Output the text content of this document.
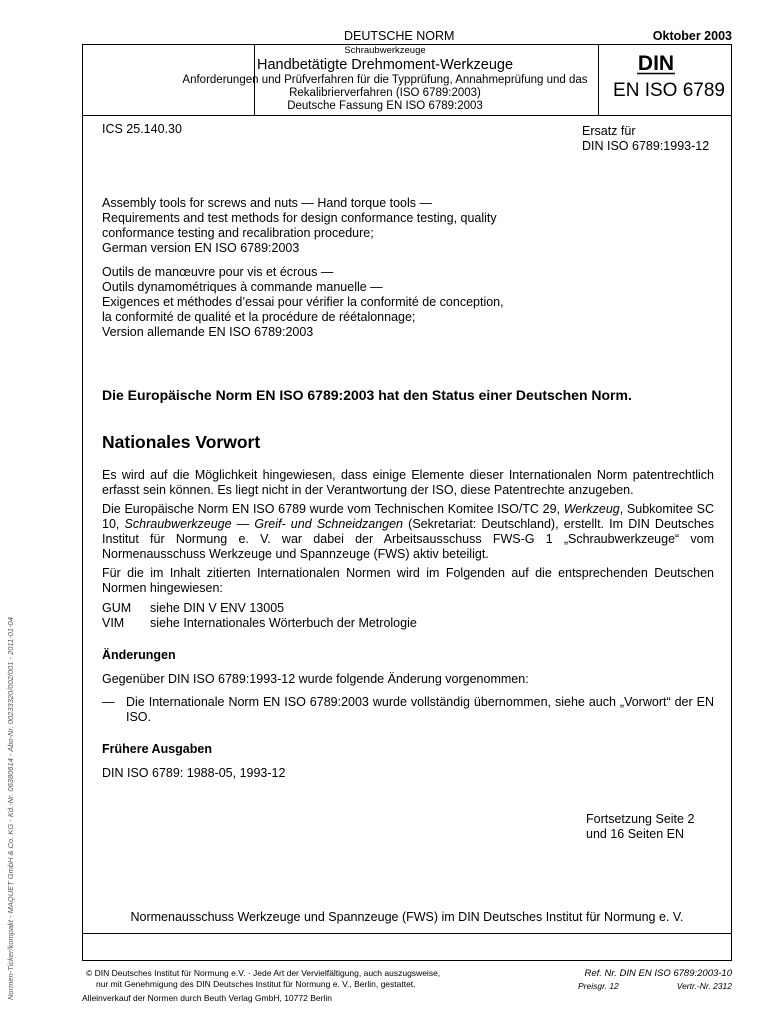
DEUTSCHE NORM	Oktober 2003
Schraubwerkzeuge
Handbetätigte Drehmoment-Werkzeuge
Anforderungen und Prüfverfahren für die Typprüfung, Annahmeprüfung und das
Rekalibrierverfahren (ISO 6789:2003)
Deutsche Fassung EN ISO 6789:2003
DIN
EN ISO 6789
ICS 25.140.30	Ersatz für
DIN ISO 6789:1993-12
Assembly tools for screws and nuts — Hand torque tools —
Requirements and test methods for design conformance testing, quality
conformance testing and recalibration procedure;
German version EN ISO 6789:2003
Outils de manœuvre pour vis et écrous —
Outils dynamométriques à commande manuelle —
Exigences et méthodes d’essai pour vérifier la conformité de conception,
la conformité de qualité et la procédure de réétalonnage;
Version allemande EN ISO 6789:2003
Die Europäische Norm EN ISO 6789:2003 hat den Status einer Deutschen Norm.
Nationales Vorwort
Es wird auf die Möglichkeit hingewiesen, dass einige Elemente dieser Internationalen Norm patentrechtlich erfasst sein können. Es liegt nicht in der Verantwortung der ISO, diese Patentrechte anzugeben.
Die Europäische Norm EN ISO 6789 wurde vom Technischen Komitee ISO/TC 29, Werkzeug, Subkomitee SC 10, Schraubwerkzeuge — Greif- und Schneidzangen (Sekretariat: Deutschland), erstellt. Im DIN Deutsches Institut für Normung e. V. war dabei der Arbeitsausschuss FWS-G 1 „Schraubwerkzeuge“ vom Normenausschuss Werkzeuge und Spannzeuge (FWS) aktiv beteiligt.
Für die im Inhalt zitierten Internationalen Normen wird im Folgenden auf die entsprechenden Deutschen Normen hingewiesen:
GUM	siehe DIN V ENV 13005
VIM	siehe Internationales Wörterbuch der Metrologie
Änderungen
Gegenüber DIN ISO 6789:1993-12 wurde folgende Änderung vorgenommen:
— Die Internationale Norm EN ISO 6789:2003 wurde vollständig übernommen, siehe auch „Vorwort“ der EN ISO.
Frühere Ausgaben
DIN ISO 6789: 1988-05, 1993-12
Fortsetzung Seite 2
und 16 Seiten EN
Normenausschuss Werkzeuge und Spannzeuge (FWS) im DIN Deutsches Institut für Normung e. V.
© DIN Deutsches Institut für Normung e.V. · Jede Art der Vervielfältigung, auch auszugsweise,
nur mit Genehmigung des DIN Deutsches Institut für Normung e. V., Berlin, gestattet.
Alleinverkauf der Normen durch Beuth Verlag GmbH, 10772 Berlin
Ref. Nr. DIN EN ISO 6789:2003-10
Preisgr. 12	Vertr.-Nr. 2312
Normen-Ticker/kompakt - MAQUET GmbH & Co. KG - Kd.-Nr. 06380614 - Abo-Nr. 00233320/002/001 - 2011-01-04
